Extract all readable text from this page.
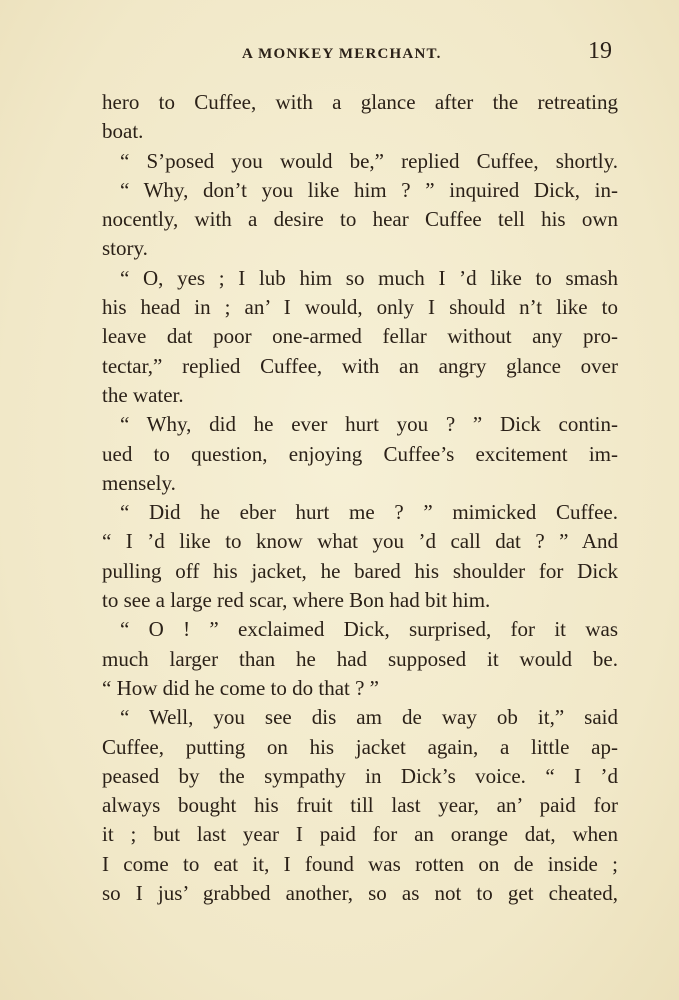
A MONKEY MERCHANT.	19
hero to Cuffee, with a glance after the retreating
boat.
“ S’posed you would be,” replied Cuffee, shortly.
“ Why, don’t you like him ? ” inquired Dick, in-
nocently, with a desire to hear Cuffee tell his own
story.
“ O, yes ; I lub him so much I ’d like to smash
his head in ; an’ I would, only I should n’t like to
leave dat poor one-armed fellar without any pro-
tectar,” replied Cuffee, with an angry glance over
the water.
“ Why, did he ever hurt you ? ” Dick contin-
ued to question, enjoying Cuffee’s excitement im-
mensely.
“ Did he eber hurt me ? ” mimicked Cuffee.
“ I ’d like to know what you ’d call dat ? ” And
pulling off his jacket, he bared his shoulder for Dick
to see a large red scar, where Bon had bit him.
“ O ! ” exclaimed Dick, surprised, for it was
much larger than he had supposed it would be.
“ How did he come to do that ? ”
“ Well, you see dis am de way ob it,” said
Cuffee, putting on his jacket again, a little ap-
peased by the sympathy in Dick’s voice. “ I ’d
always bought his fruit till last year, an’ paid for
it ; but last year I paid for an orange dat, when
I come to eat it, I found was rotten on de inside ;
so I jus’ grabbed another, so as not to get cheated,
